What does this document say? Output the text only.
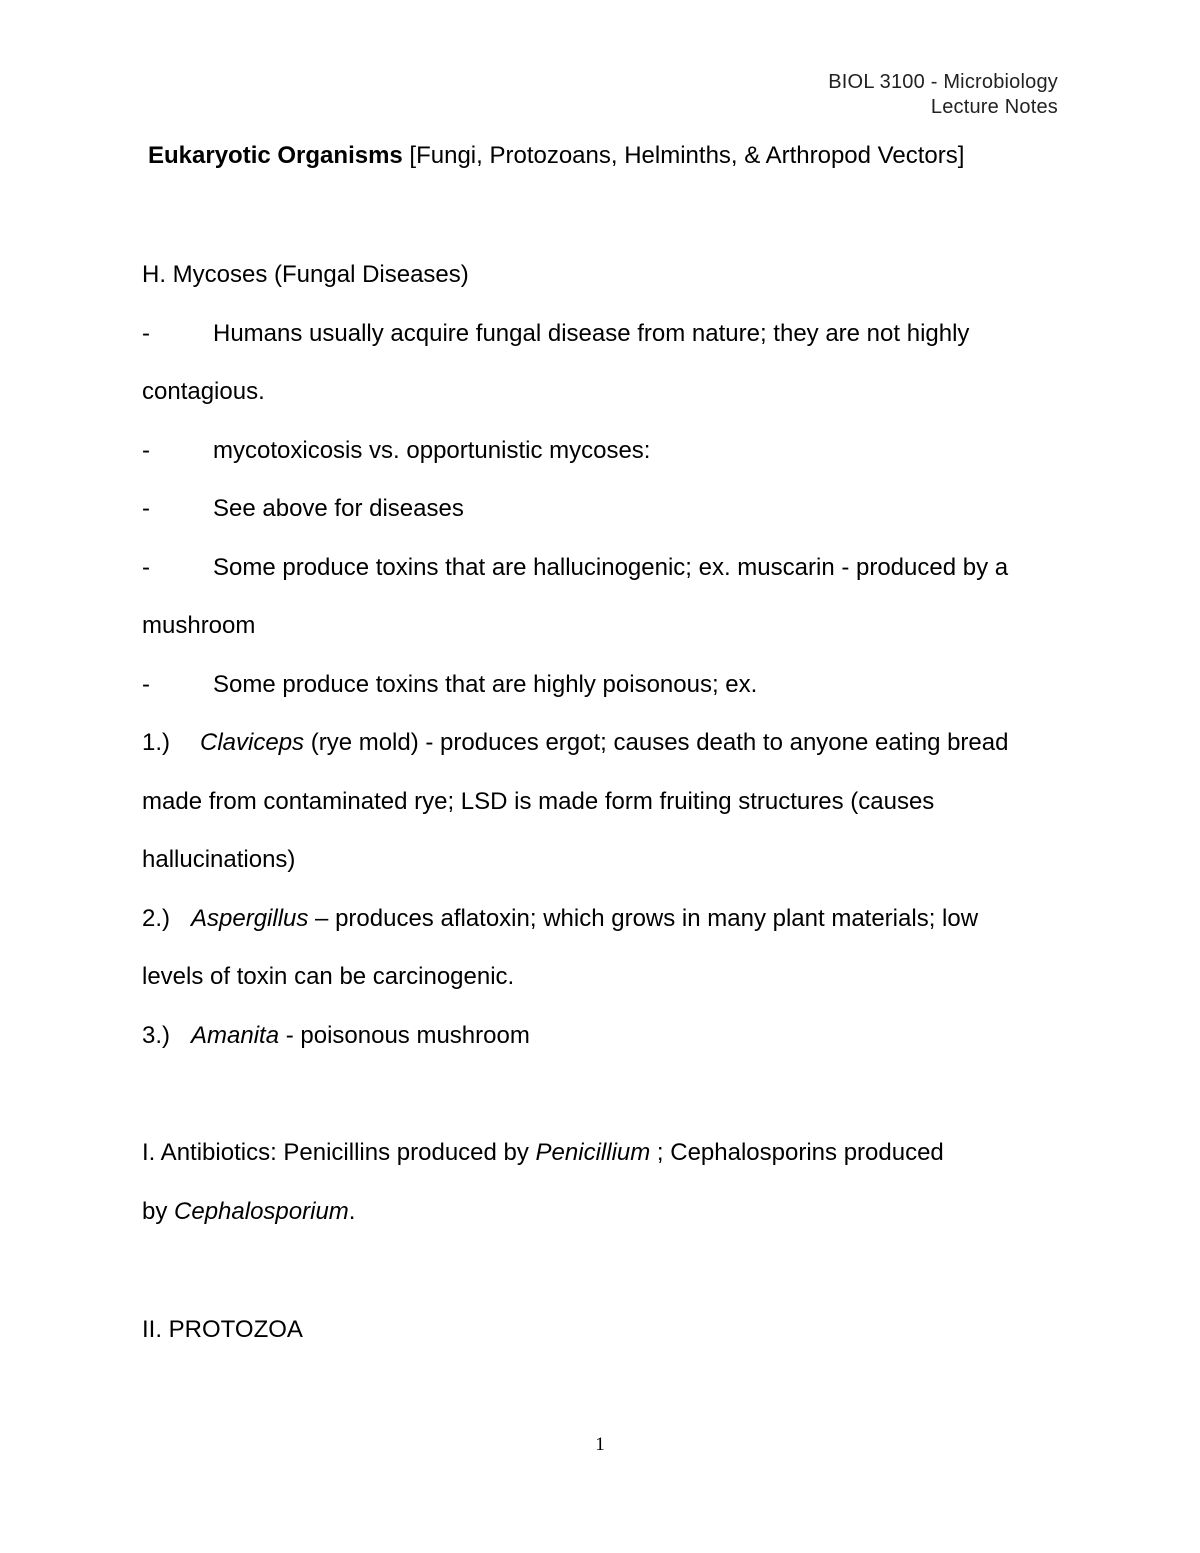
BIOL 3100 - Microbiology
Lecture Notes
Eukaryotic Organisms [Fungi, Protozoans, Helminths, & Arthropod Vectors]
H. Mycoses (Fungal Diseases)
-	Humans usually acquire fungal disease from nature; they are not highly
contagious.
-	mycotoxicosis vs. opportunistic mycoses:
-	See above for diseases
-	Some produce toxins that are hallucinogenic; ex. muscarin - produced by a
mushroom
-	Some produce toxins that are highly poisonous; ex.
1.) Claviceps (rye mold) - produces ergot; causes death to anyone eating bread
made from contaminated rye; LSD is made form fruiting structures (causes
hallucinations)
2.) Aspergillus – produces aflatoxin; which grows in many plant materials; low
levels of toxin can be carcinogenic.
3.) Amanita - poisonous mushroom
I. Antibiotics: Penicillins produced by Penicillium ; Cephalosporins produced
by Cephalosporium.
II. PROTOZOA
1
